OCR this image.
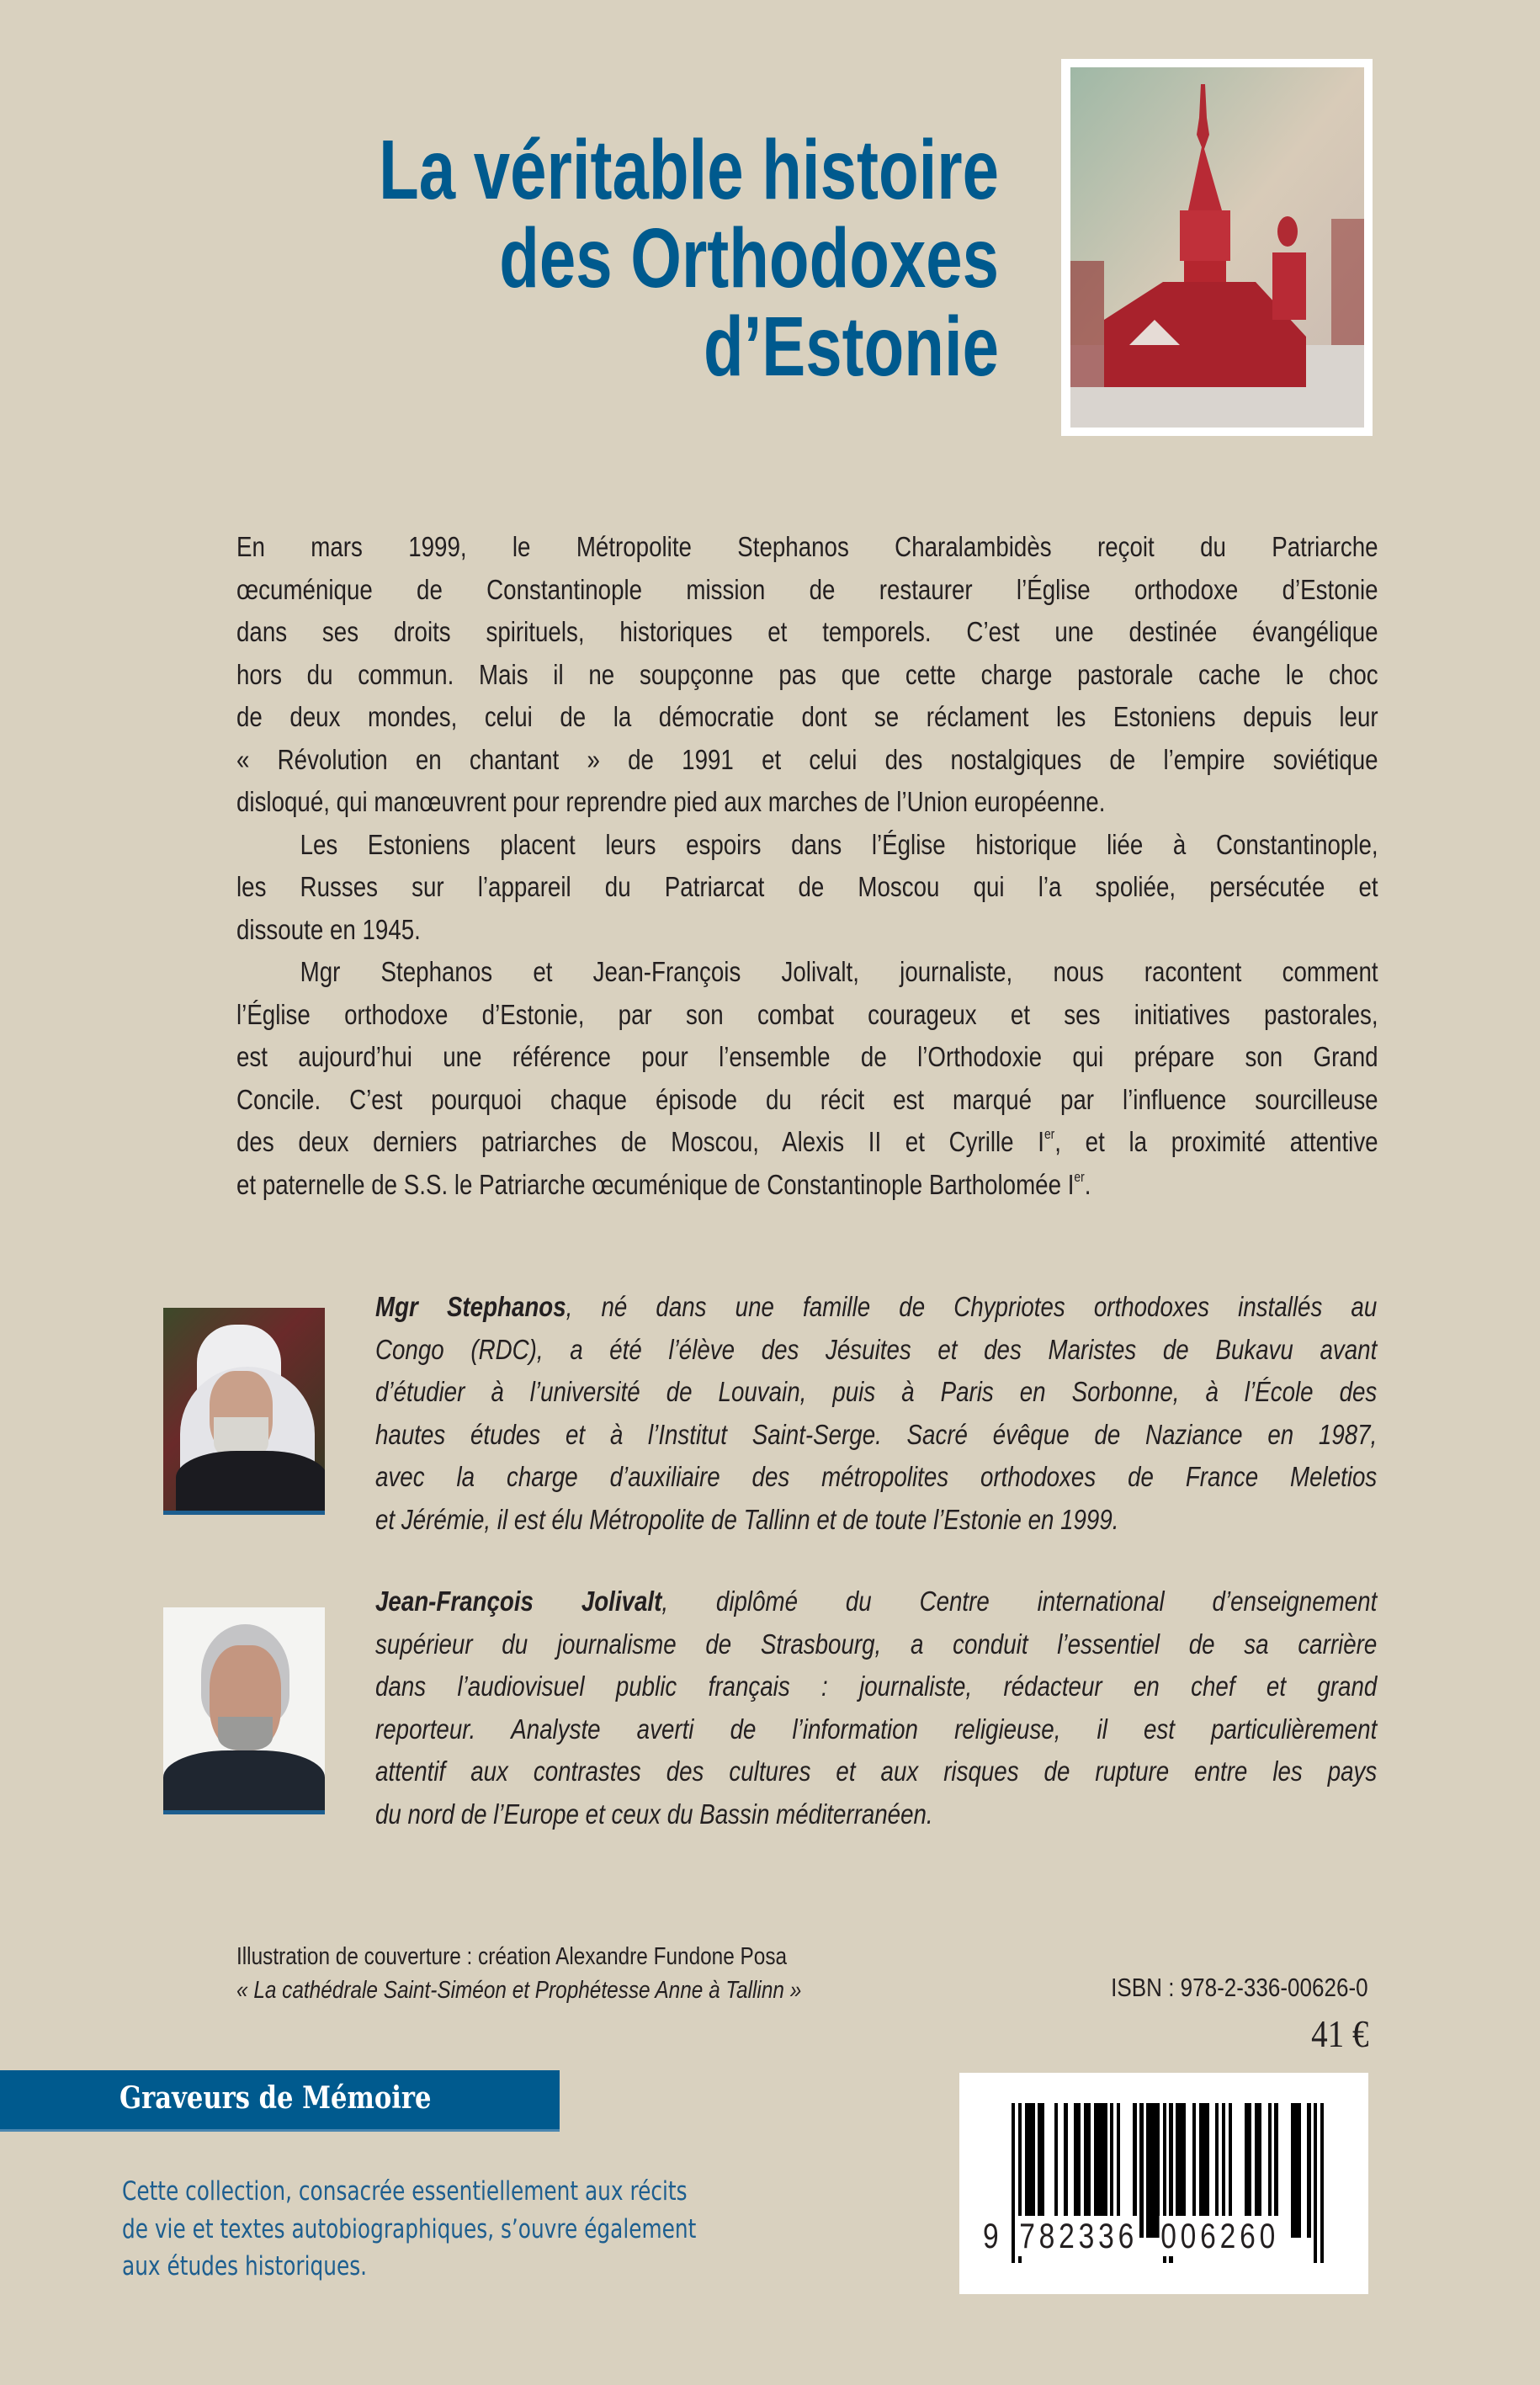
La véritable histoire
des Orthodoxes
d’Estonie
En mars 1999, le Métropolite Stephanos Charalambidès reçoit du Patriarche
œcuménique de Constantinople mission de restaurer l’Église orthodoxe d’Estonie
dans ses droits spirituels, historiques et temporels. C’est une destinée évangélique
hors du commun. Mais il ne soupçonne pas que cette charge pastorale cache le choc
de deux mondes, celui de la démocratie dont se réclament les Estoniens depuis leur
« Révolution en chantant » de 1991 et celui des nostalgiques de l’empire soviétique
disloqué, qui manœuvrent pour reprendre pied aux marches de l’Union européenne.
Les Estoniens placent leurs espoirs dans l’Église historique liée à Constantinople,
les Russes sur l’appareil du Patriarcat de Moscou qui l’a spoliée, persécutée et
dissoute en 1945.
Mgr Stephanos et Jean-François Jolivalt, journaliste, nous racontent comment
l’Église orthodoxe d’Estonie, par son combat courageux et ses initiatives pastorales,
est aujourd’hui une référence pour l’ensemble de l’Orthodoxie qui prépare son Grand
Concile. C’est pourquoi chaque épisode du récit est marqué par l’influence sourcilleuse
des deux derniers patriarches de Moscou, Alexis II et Cyrille Ier, et la proximité attentive
et paternelle de S.S. le Patriarche œcuménique de Constantinople Bartholomée Ier.
Mgr Stephanos, né dans une famille de Chypriotes orthodoxes installés au
Congo (RDC), a été l’élève des Jésuites et des Maristes de Bukavu avant
d’étudier à l’université de Louvain, puis à Paris en Sorbonne, à l’École des
hautes études et à l’Institut Saint-Serge. Sacré évêque de Naziance en 1987,
avec la charge d’auxiliaire des métropolites orthodoxes de France Meletios
et Jérémie, il est élu Métropolite de Tallinn et de toute l’Estonie en 1999.
Jean-François Jolivalt, diplômé du Centre international d’enseignement
supérieur du journalisme de Strasbourg, a conduit l’essentiel de sa carrière
dans l’audiovisuel public français : journaliste, rédacteur en chef et grand
reporteur. Analyste averti de l’information religieuse, il est particulièrement
attentif aux contrastes des cultures et aux risques de rupture entre les pays
du nord de l’Europe et ceux du Bassin méditerranéen.
Illustration de couverture : création Alexandre Fundone Posa
« La cathédrale Saint-Siméon et Prophétesse Anne à Tallinn »	ISBN : 978-2-336-00626-0
41 €
Graveurs de Mémoire
Cette collection, consacrée essentiellement aux récits
de vie et textes autobiographiques, s’ouvre également
aux études historiques.
9 782336 006260
